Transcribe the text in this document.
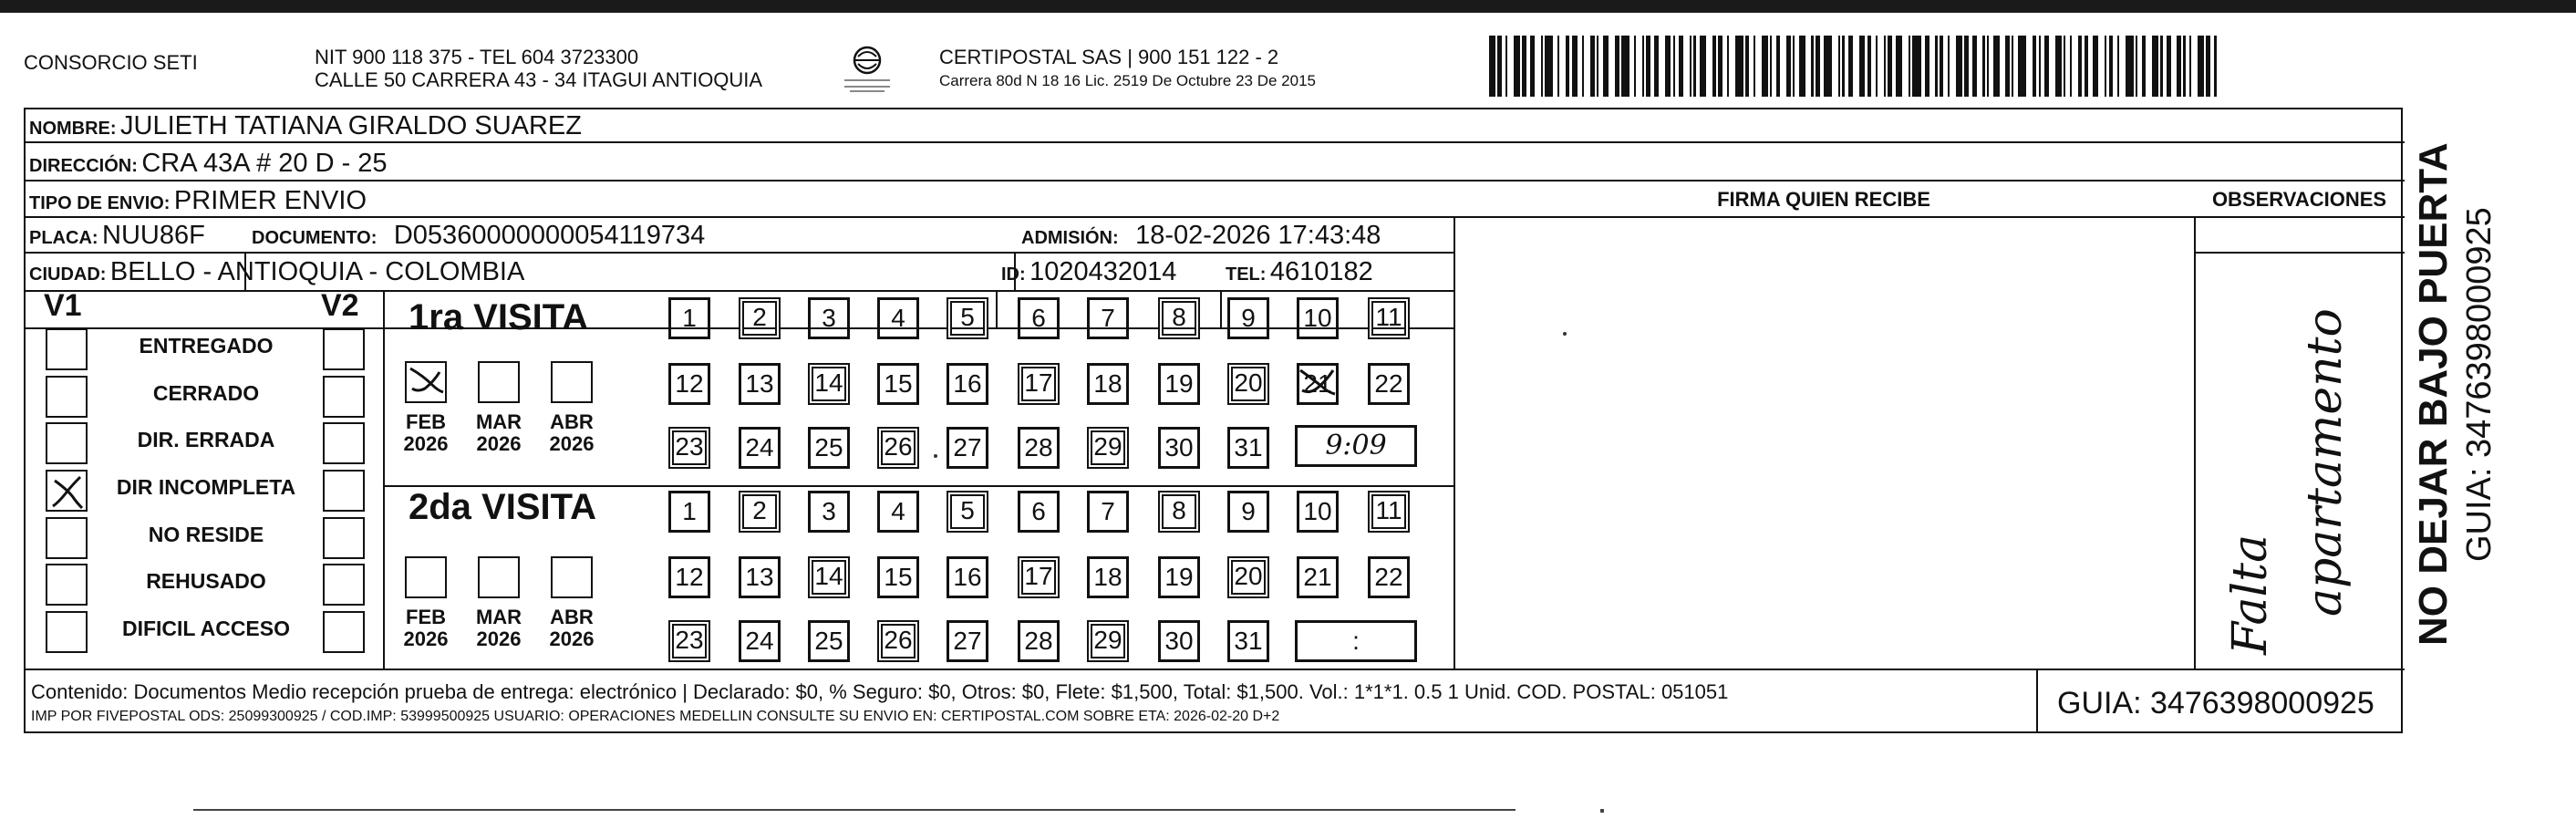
CONSORCIO SETI	NIT 900 118 375 - TEL 604 3723300
CALLE 50 CARRERA 43 - 34 ITAGUI ANTIOQUIA
CERTIPOSTAL SAS | 900 151 122 - 2
Carrera 80d N 18 16 Lic. 2519 De Octubre 23 De 2015
NOMBRE: JULIETH TATIANA GIRALDO SUAREZ
DIRECCIÓN: CRA 43A # 20 D - 25
TIPO DE ENVIO: PRIMER ENVIO	FIRMA QUIEN RECIBE	OBSERVACIONES
PLACA: NUU86F	DOCUMENTO: D05360000000054119734	ADMISIÓN: 18-02-2026 17:43:48
CIUDAD: BELLO - ANTIOQUIA - COLOMBIA	ID: 1020432014	TEL: 4610182
V1	V2
ENTREGADO
CERRADO
DIR. ERRADA
DIR INCOMPLETA
NO RESIDE
REHUSADO
DIFICIL ACCESO
1ra VISITA
2da VISITA
FEB
2026
MAR
2026
ABR
2026
FEB
2026
MAR
2026
ABR
2026
1	2	3	4	5	6	7	8	9	10	11
12 13 14 15 16 17 18 19 20 21 22
23 24 25 26 27 28 29 30 31
1	2	3	4	5	6	7	8	9	10	11
12 13 14 15 16 17 18 19 20 21 22
23 24 25 26 27 28 29 30 31
9:09
:	Falta apartamento NO DEJAR BAJO PUERTA GUIA: 3476398000925
Contenido: Documentos Medio recepción prueba de entrega: electrónico | Declarado: $0, % Seguro: $0, Otros: $0, Flete: $1,500, Total: $1,500. Vol.: 1*1*1. 0.5 1 Unid. COD. POSTAL: 051051
IMP POR FIVEPOSTAL ODS: 25099300925 / COD.IMP: 53999500925 USUARIO: OPERACIONES MEDELLIN CONSULTE SU ENVIO EN: CERTIPOSTAL.COM SOBRE ETA: 2026-02-20 D+2	GUIA: 3476398000925
